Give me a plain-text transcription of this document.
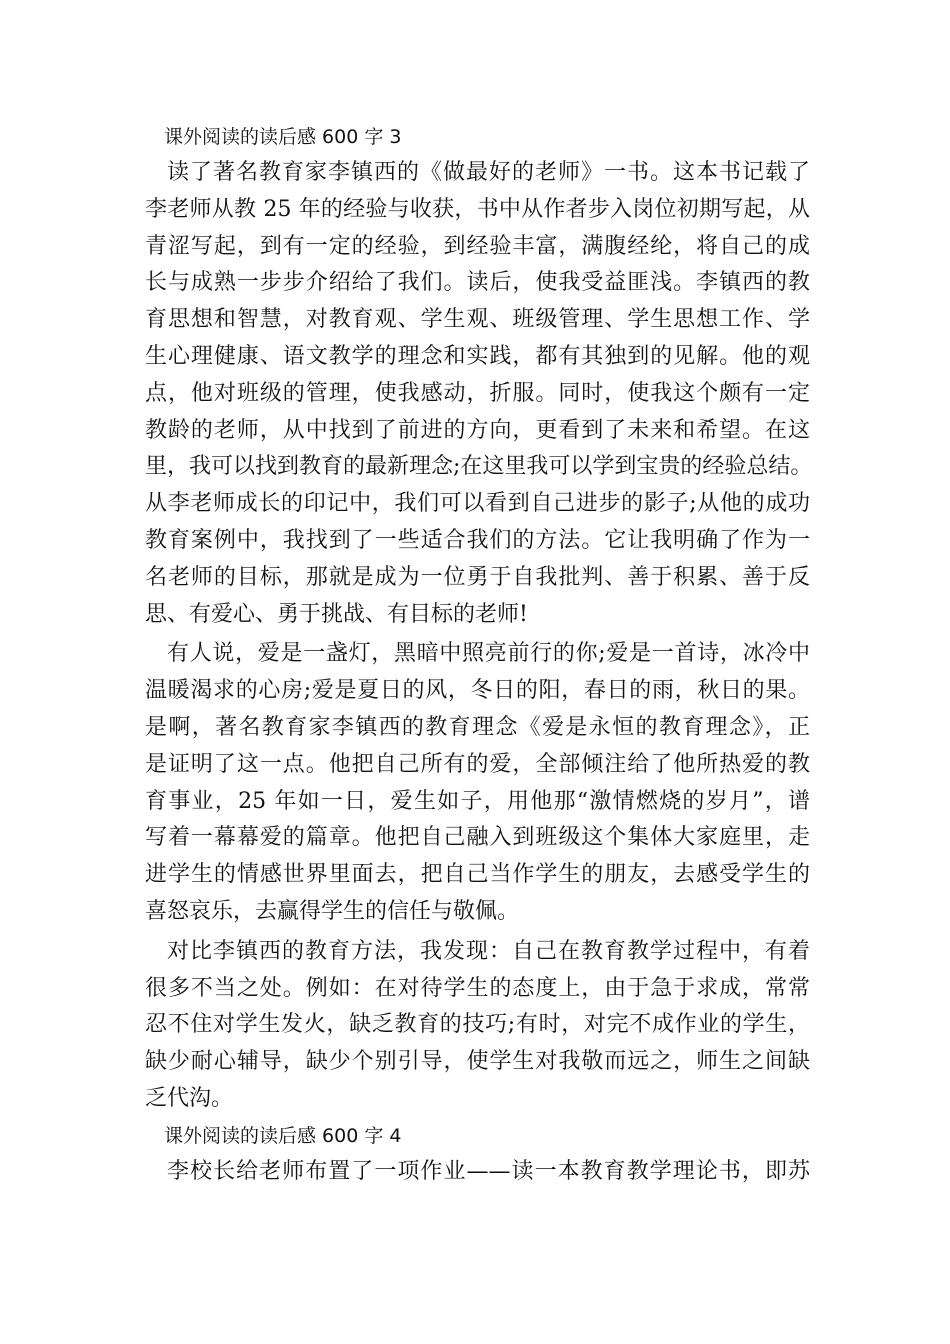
课外阅读的读后感 600 字 3
读了著名教育家李镇西的《做最好的老师》一书。这本书记载了
李老师从教 25 年的经验与收获，书中从作者步入岗位初期写起，从
青涩写起，到有一定的经验，到经验丰富，满腹经纶，将自己的成
长与成熟一步步介绍给了我们。读后，使我受益匪浅。李镇西的教
育思想和智慧，对教育观、学生观、班级管理、学生思想工作、学
生心理健康、语文教学的理念和实践，都有其独到的见解。他的观
点，他对班级的管理，使我感动，折服。同时，使我这个颇有一定
教龄的老师，从中找到了前进的方向，更看到了未来和希望。在这
里，我可以找到教育的最新理念;在这里我可以学到宝贵的经验总结。
从李老师成长的印记中，我们可以看到自己进步的影子;从他的成功
教育案例中，我找到了一些适合我们的方法。它让我明确了作为一
名老师的目标，那就是成为一位勇于自我批判、善于积累、善于反
思、有爱心、勇于挑战、有目标的老师!
有人说，爱是一盏灯，黑暗中照亮前行的你;爱是一首诗，冰冷中
温暖渴求的心房;爱是夏日的风，冬日的阳，春日的雨，秋日的果。
是啊，著名教育家李镇西的教育理念《爱是永恒的教育理念》，正
是证明了这一点。他把自己所有的爱，全部倾注给了他所热爱的教
育事业，25 年如一日，爱生如子，用他那“激情燃烧的岁月”，谱
写着一幕幕爱的篇章。他把自己融入到班级这个集体大家庭里，走
进学生的情感世界里面去，把自己当作学生的朋友，去感受学生的
喜怒哀乐，去赢得学生的信任与敬佩。
对比李镇西的教育方法，我发现：自己在教育教学过程中，有着
很多不当之处。例如：在对待学生的态度上，由于急于求成，常常
忍不住对学生发火，缺乏教育的技巧;有时，对完不成作业的学生，
缺少耐心辅导，缺少个别引导，使学生对我敬而远之，师生之间缺
乏代沟。
课外阅读的读后感 600 字 4
李校长给老师布置了一项作业——读一本教育教学理论书，即苏
